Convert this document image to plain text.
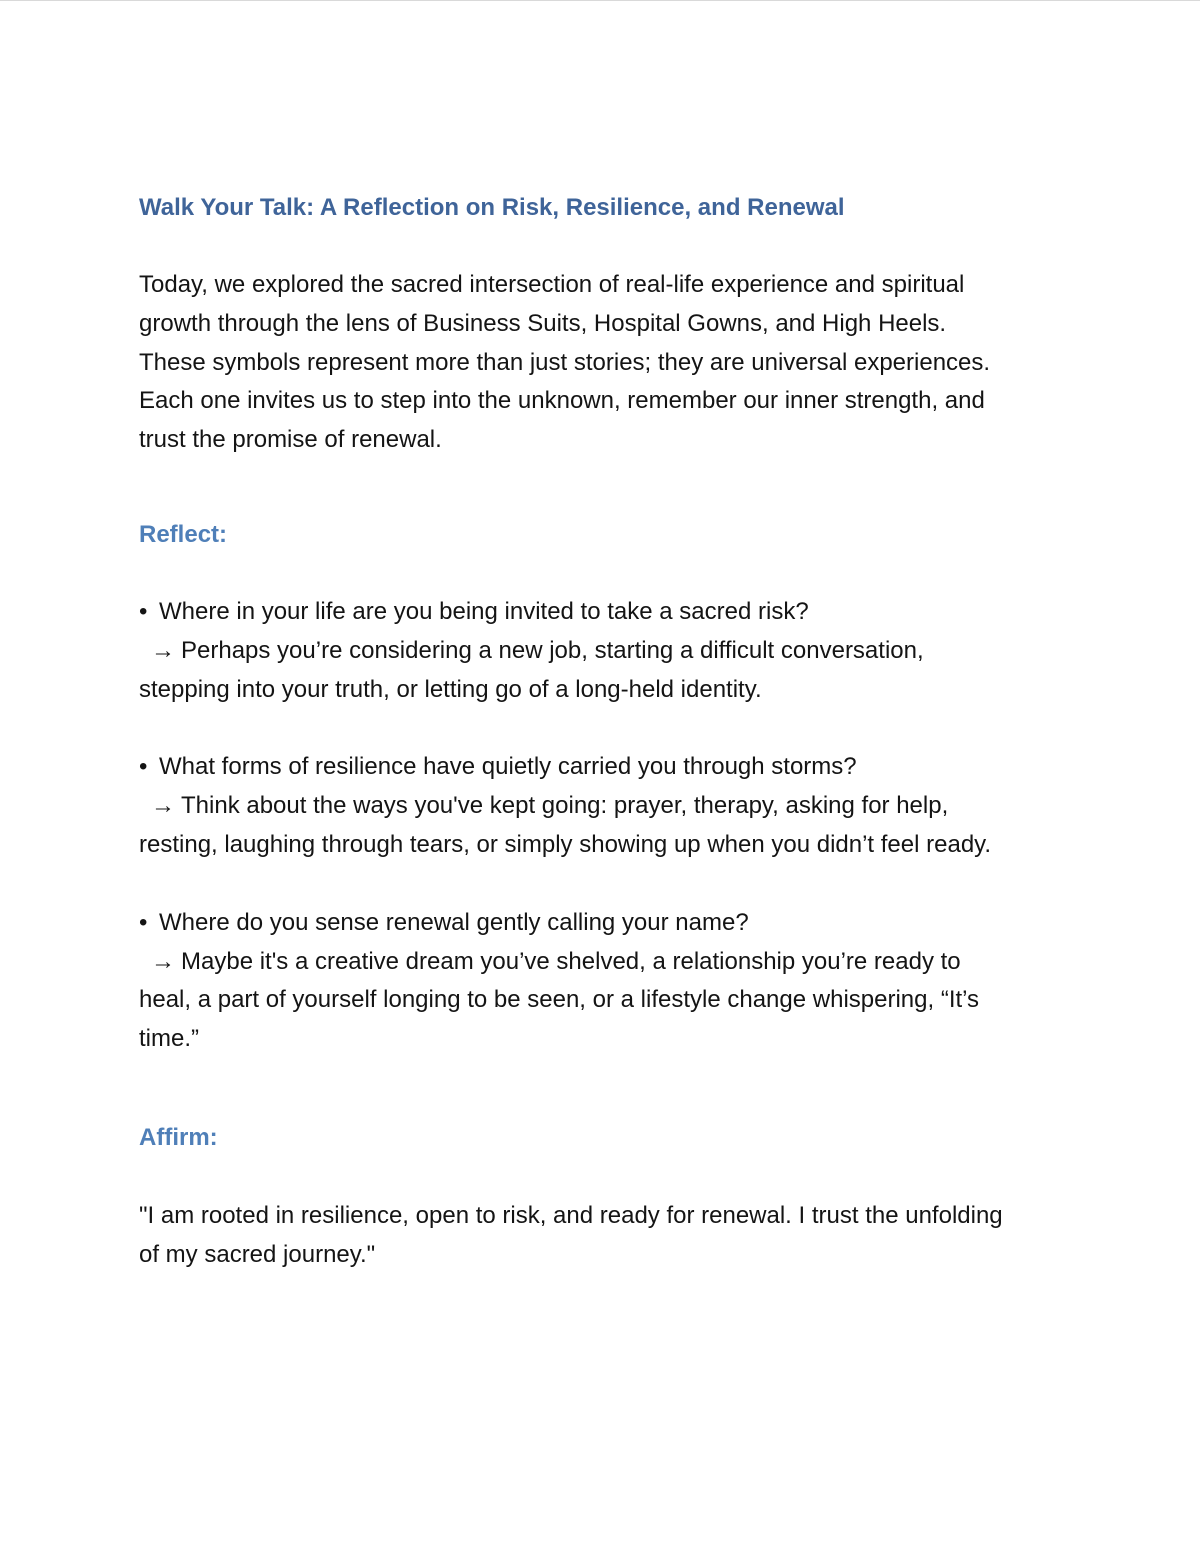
Walk Your Talk: A Reflection on Risk, Resilience, and Renewal

Today, we explored the sacred intersection of real-life experience and spiritual growth through the lens of Business Suits, Hospital Gowns, and High Heels. These symbols represent more than just stories; they are universal experiences. Each one invites us to step into the unknown, remember our inner strength, and trust the promise of renewal.

Reflect:
• Where in your life are you being invited to take a sacred risk?
→ Perhaps you’re considering a new job, starting a difficult conversation, stepping into your truth, or letting go of a long-held identity.
• What forms of resilience have quietly carried you through storms?
→ Think about the ways you've kept going: prayer, therapy, asking for help, resting, laughing through tears, or simply showing up when you didn’t feel ready.
• Where do you sense renewal gently calling your name?
→ Maybe it's a creative dream you’ve shelved, a relationship you’re ready to heal, a part of yourself longing to be seen, or a lifestyle change whispering, “It’s time.”
Affirm:

"I am rooted in resilience, open to risk, and ready for renewal. I trust the unfolding of my sacred journey."
